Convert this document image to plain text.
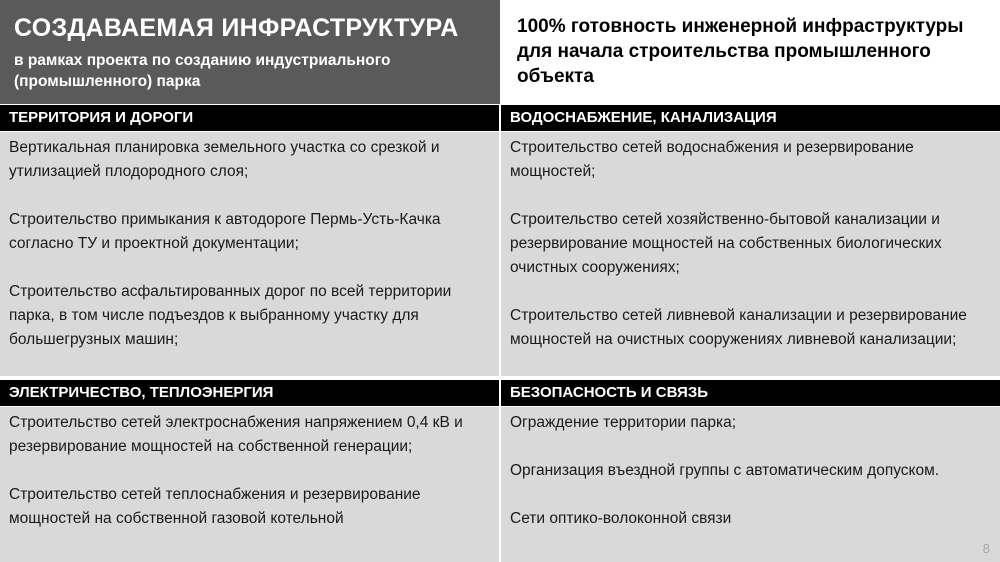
СОЗДАВАЕМАЯ ИНФРАСТРУКТУРА
в рамках проекта по созданию индустриального (промышленного) парка
100% готовность инженерной инфраструктуры для начала строительства промышленного объекта
ТЕРРИТОРИЯ И ДОРОГИ

Вертикальная планировка земельного участка со срезкой и утилизацией плодородного слоя;

Строительство примыкания к автодороге Пермь-Усть-Качка согласно ТУ и проектной документации;

Строительство асфальтированных дорог по всей территории парка, в том числе подъездов к выбранному участку для большегрузных машин;

ВОДОСНАБЖЕНИЕ, КАНАЛИЗАЦИЯ

Строительство сетей водоснабжения и резервирование мощностей;

Строительство сетей хозяйственно-бытовой канализации и резервирование мощностей на собственных биологических очистных сооружениях;

Строительство сетей ливневой канализации и резервирование мощностей на очистных сооружениях ливневой канализации;

ЭЛЕКТРИЧЕСТВО, ТЕПЛОЭНЕРГИЯ

Строительство сетей электроснабжения напряжением 0,4 кВ и резервирование мощностей на собственной генерации;

Строительство сетей теплоснабжения и резервирование мощностей на собственной газовой котельной

БЕЗОПАСНОСТЬ И СВЯЗЬ

Ограждение территории парка;

Организация въездной группы с автоматическим допуском.

Сети оптико-волоконной связи

8
